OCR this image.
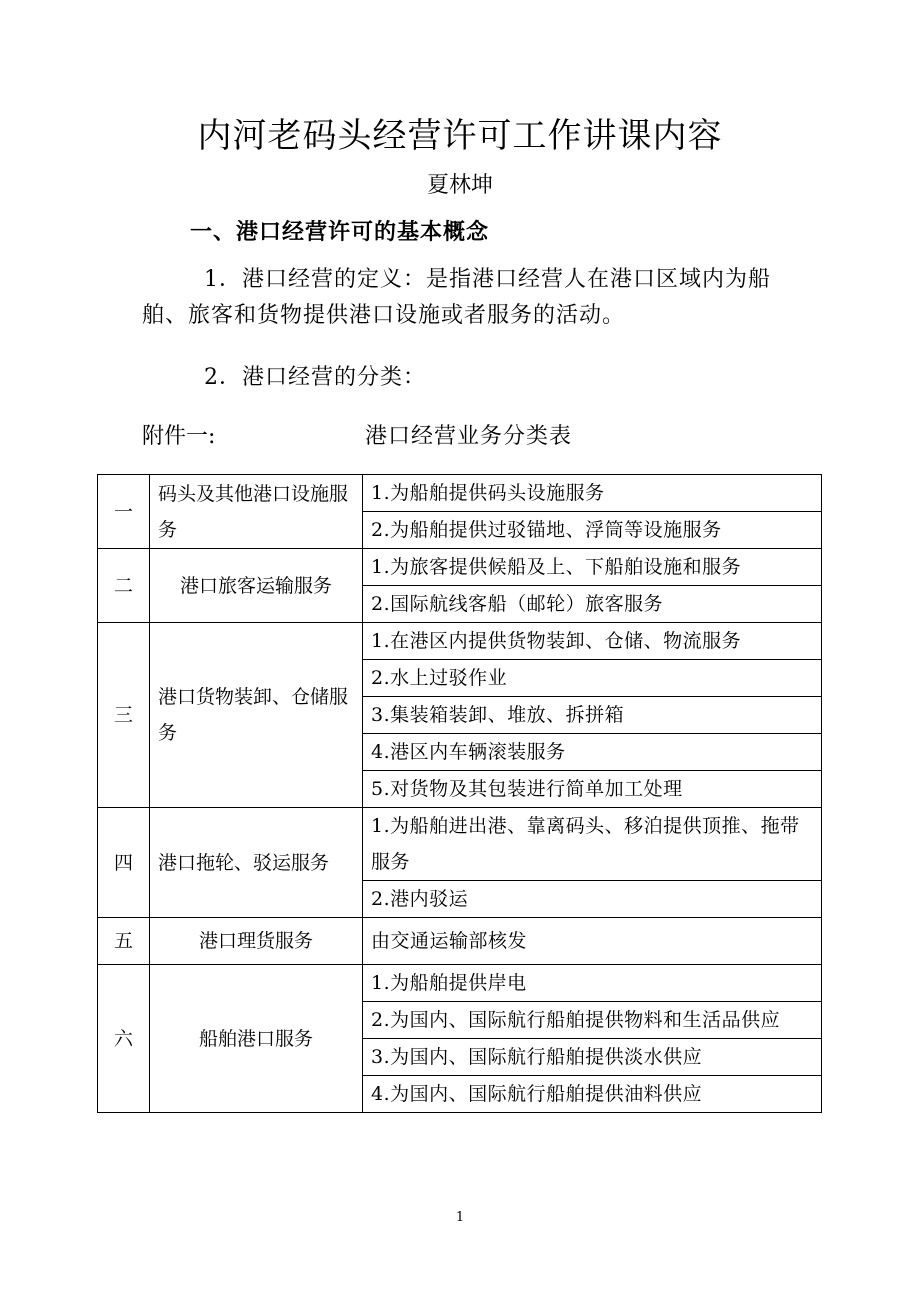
内河老码头经营许可工作讲课内容
夏林坤
一、港口经营许可的基本概念
1．港口经营的定义：是指港口经营人在港口区域内为船舶、旅客和货物提供港口设施或者服务的活动。
2．港口经营的分类：
附件一:	港口经营业务分类表
一	码头及其他港口设施服务	1.为船舶提供码头设施服务
		2.为船舶提供过驳锚地、浮筒等设施服务
二	港口旅客运输服务	1.为旅客提供候船及上、下船舶设施和服务
		2.国际航线客船（邮轮）旅客服务
三	港口货物装卸、仓储服务	1.在港区内提供货物装卸、仓储、物流服务
		2.水上过驳作业
		3.集装箱装卸、堆放、拆拼箱
		4.港区内车辆滚装服务
		5.对货物及其包装进行简单加工处理
四	港口拖轮、驳运服务	1.为船舶进出港、靠离码头、移泊提供顶推、拖带服务
		2.港内驳运
五	港口理货服务	由交通运输部核发
六	船舶港口服务	1.为船舶提供岸电
		2.为国内、国际航行船舶提供物料和生活品供应
		3.为国内、国际航行船舶提供淡水供应
		4.为国内、国际航行船舶提供油料供应
1
